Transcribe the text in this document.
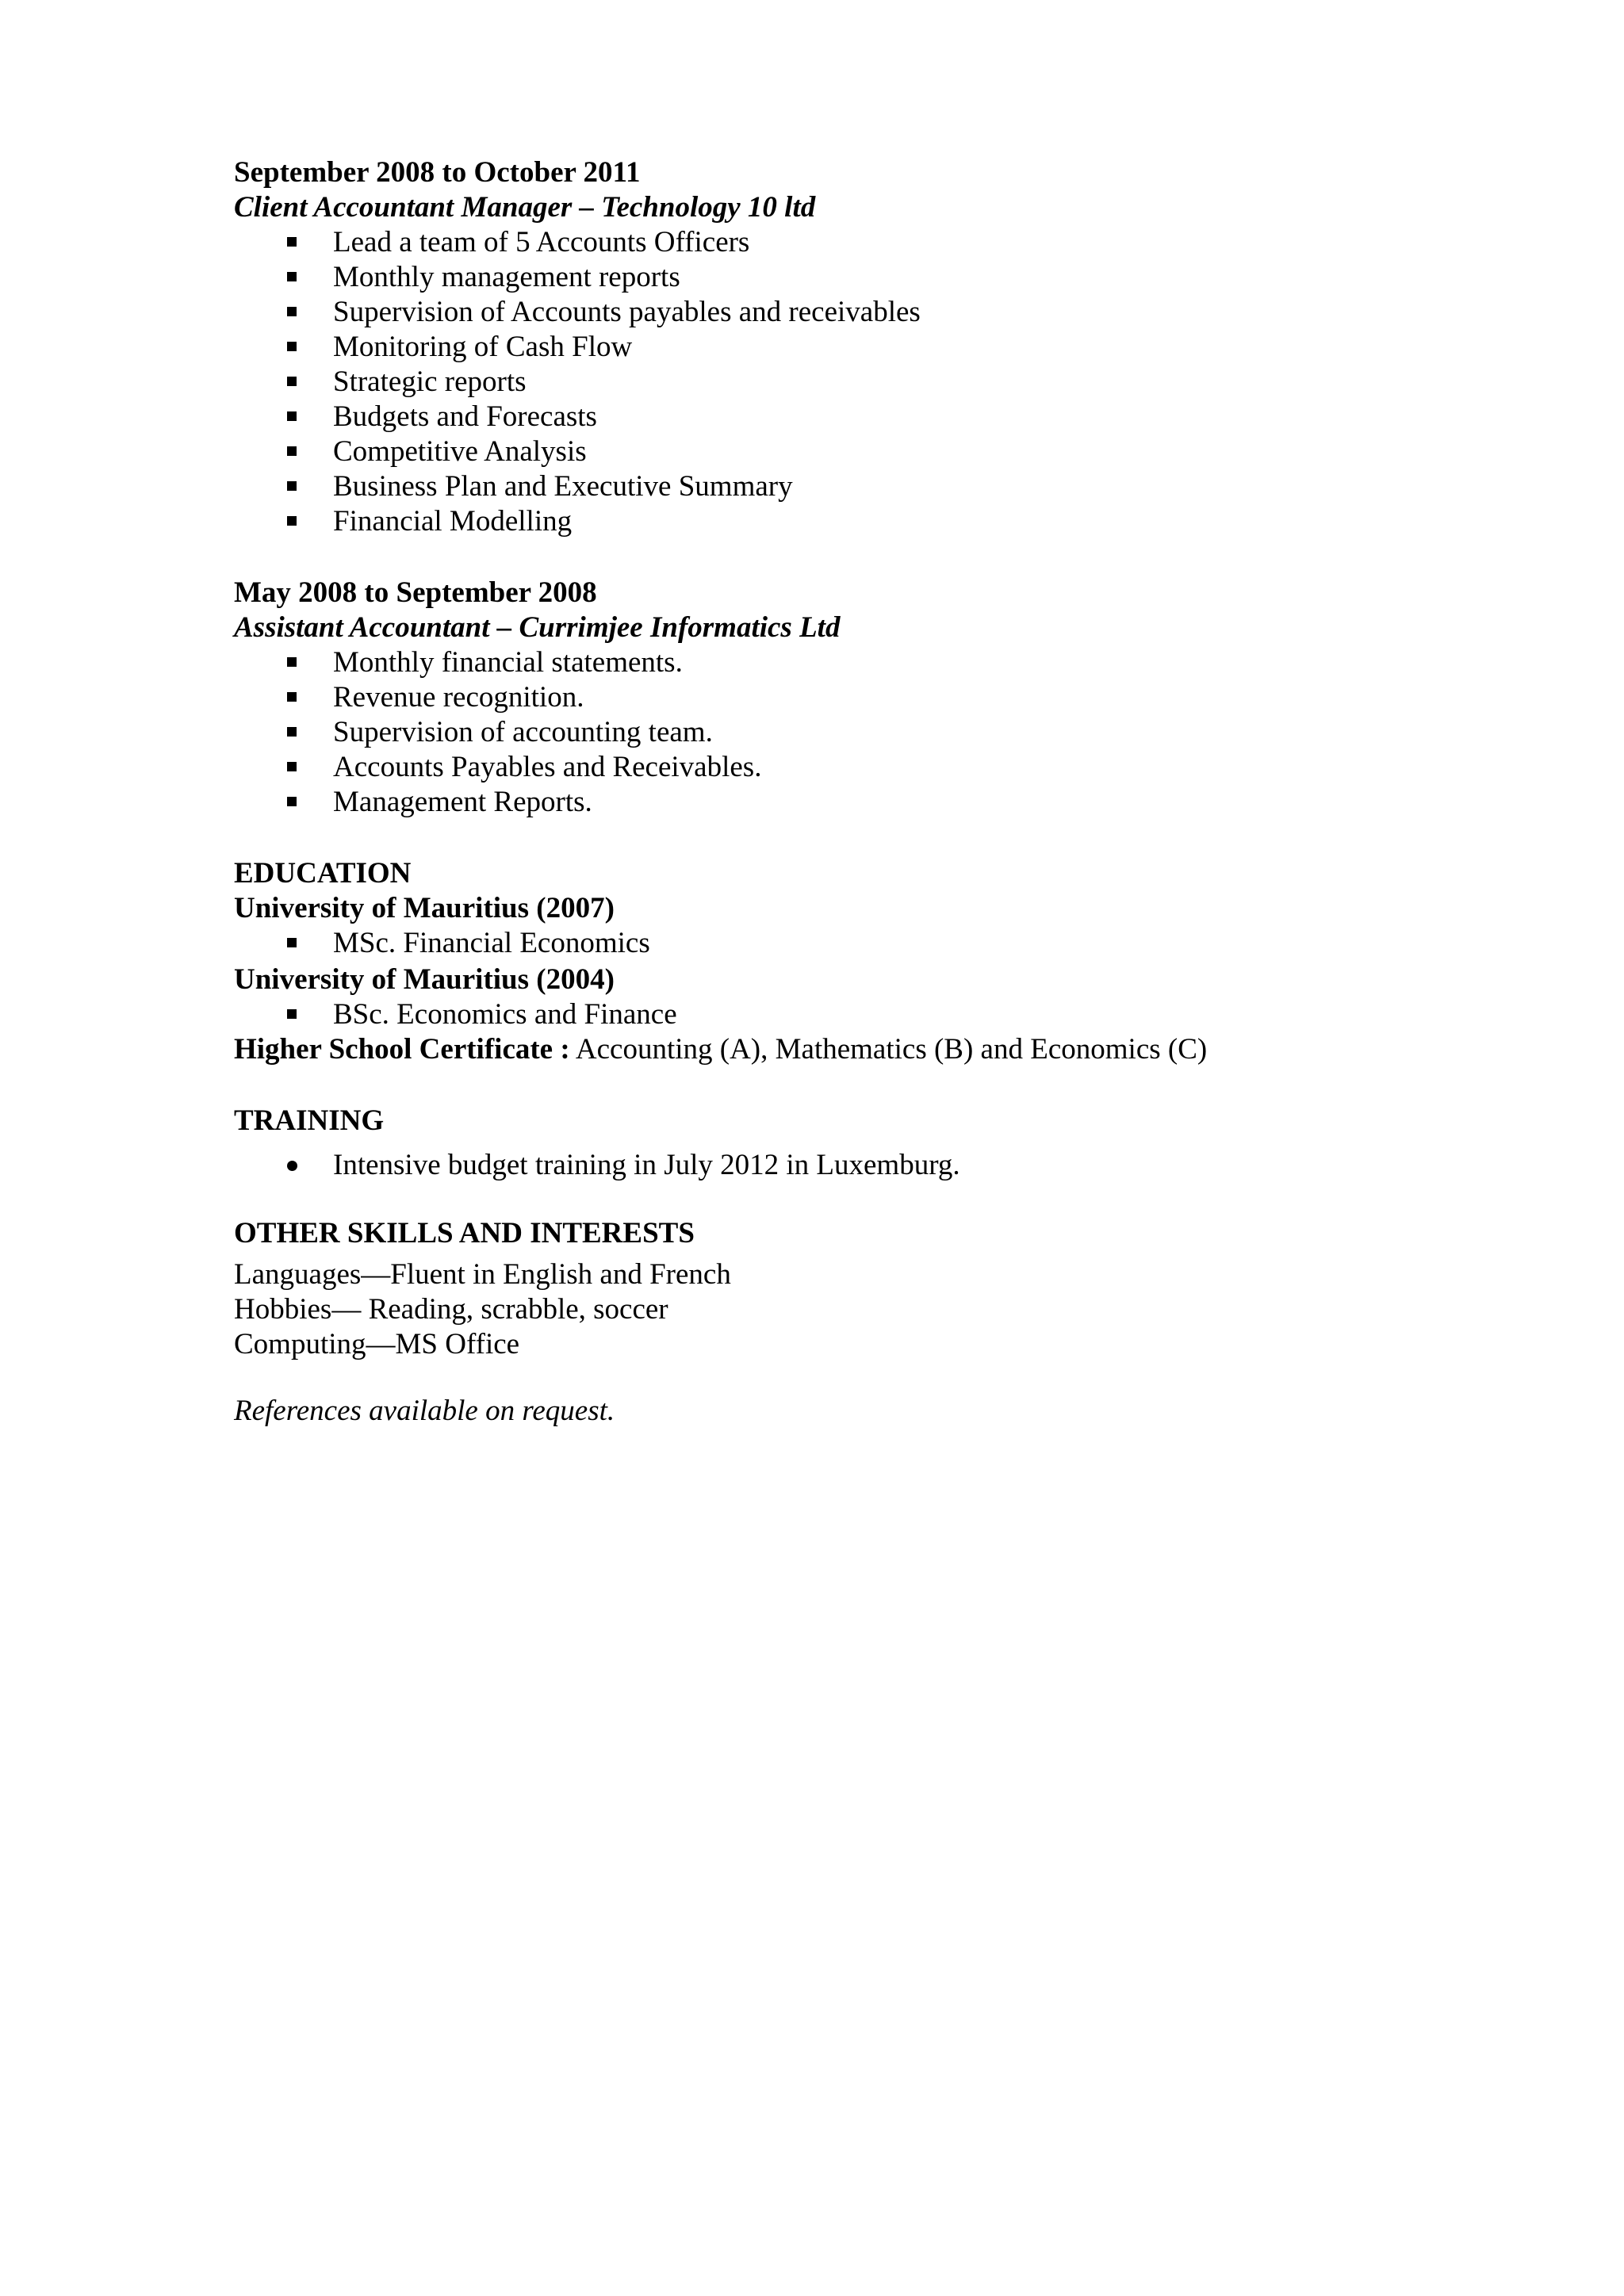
September 2008 to October 2011
Client Accountant Manager – Technology 10 ltd
Lead a team of 5 Accounts Officers
Monthly management reports
Supervision of Accounts payables and receivables
Monitoring of Cash Flow
Strategic reports
Budgets and Forecasts
Competitive Analysis
Business Plan and Executive Summary
Financial Modelling
May 2008 to September 2008
Assistant Accountant – Currimjee Informatics Ltd
Monthly financial statements.
Revenue recognition.
Supervision of accounting team.
Accounts Payables and Receivables.
Management Reports.
EDUCATION
University of Mauritius (2007)
MSc. Financial Economics
University of Mauritius (2004)
BSc. Economics and Finance
Higher School Certificate : Accounting (A), Mathematics (B) and Economics (C)
TRAINING
Intensive budget training in July 2012 in Luxemburg.
OTHER SKILLS AND INTERESTS
Languages—Fluent in English and French
Hobbies— Reading, scrabble, soccer
Computing—MS Office
References available on request.
